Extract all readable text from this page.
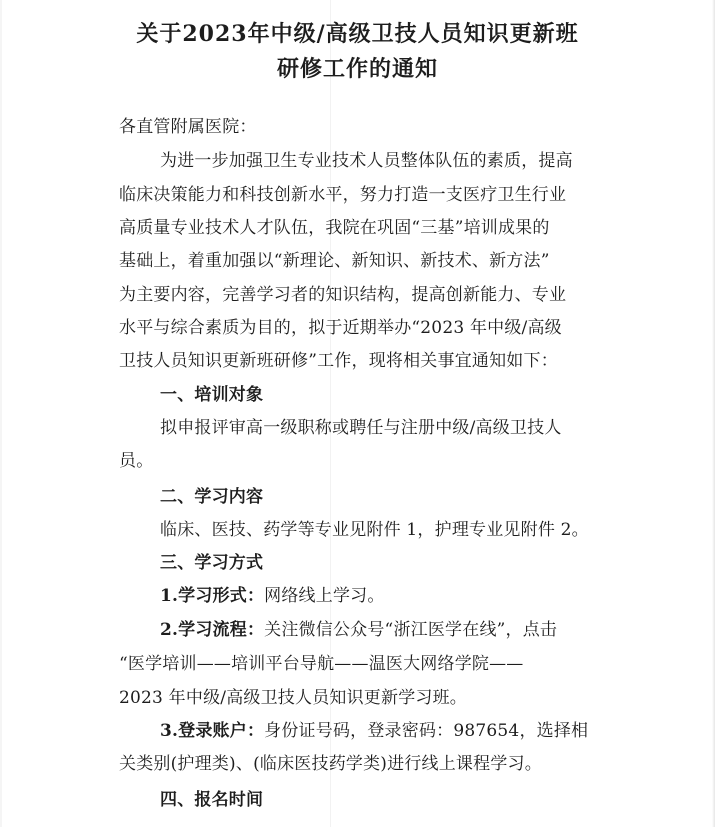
关于2023年中级/高级卫技人员知识更新班
研修工作的通知
各直管附属医院：
为进一步加强卫生专业技术人员整体队伍的素质，提高
临床决策能力和科技创新水平，努力打造一支医疗卫生行业
高质量专业技术人才队伍，我院在巩固“三基”培训成果的
基础上，着重加强以“新理论、新知识、新技术、新方法”
为主要内容，完善学习者的知识结构，提高创新能力、专业
水平与综合素质为目的，拟于近期举办“2023 年中级/高级
卫技人员知识更新班研修”工作，现将相关事宜通知如下：
一、培训对象
拟申报评审高一级职称或聘任与注册中级/高级卫技人
员。
二、学习内容
临床、医技、药学等专业见附件 1，护理专业见附件 2。
三、学习方式
1.学习形式：网络线上学习。
2.学习流程：关注微信公众号“浙江医学在线”，点击
“医学培训——培训平台导航——温医大网络学院——
2023 年中级/高级卫技人员知识更新学习班。
3.登录账户：身份证号码，登录密码：987654，选择相
关类别(护理类)、(临床医技药学类)进行线上课程学习。
四、报名时间
